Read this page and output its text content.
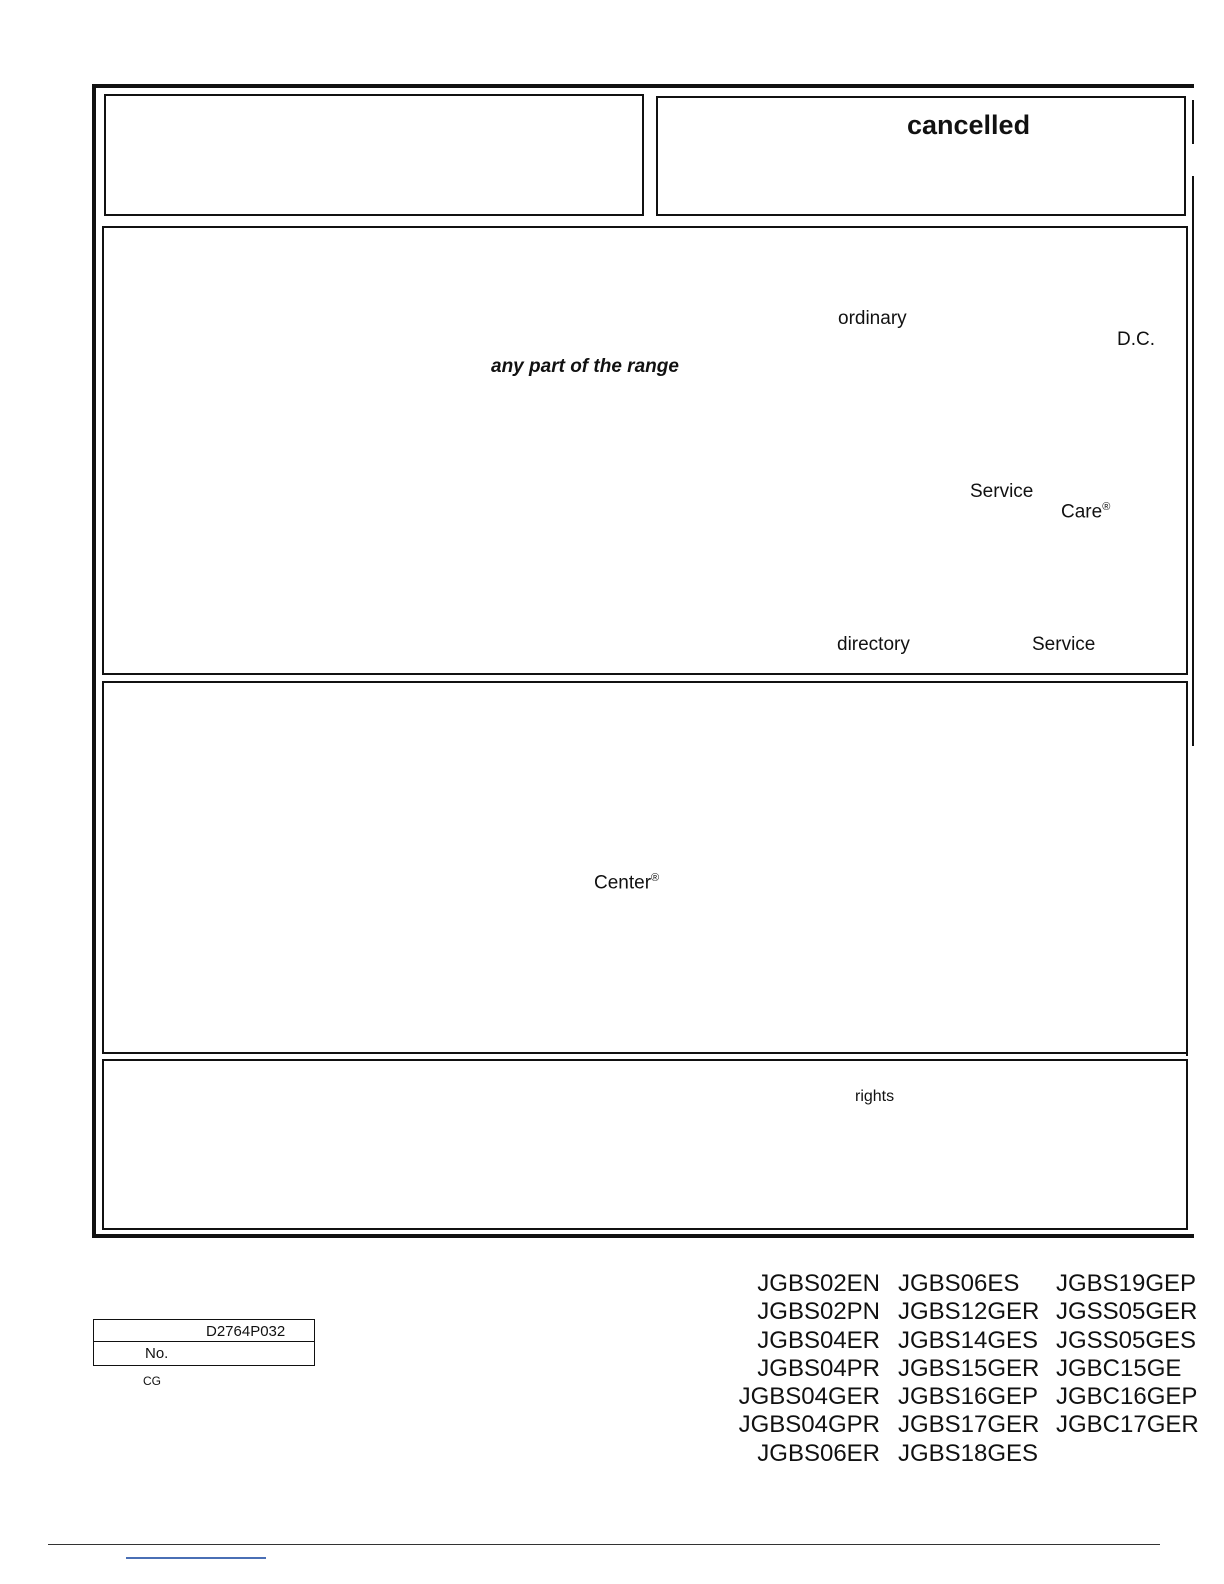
cancelled
ordinary
D.C.
any part of the range
Service
Care®
directory	Service
Center®
rights
D2764P032
No.
CG
JGBS02EN
JGBS02PN
JGBS04ER
JGBS04PR
JGBS04GER
JGBS04GPR
JGBS06ER
JGBS06ES
JGBS12GER
JGBS14GES
JGBS15GER
JGBS16GEP
JGBS17GER
JGBS18GES
JGBS19GEP
JGSS05GER
JGSS05GES
JGBC15GE
JGBC16GEP
JGBC17GER
